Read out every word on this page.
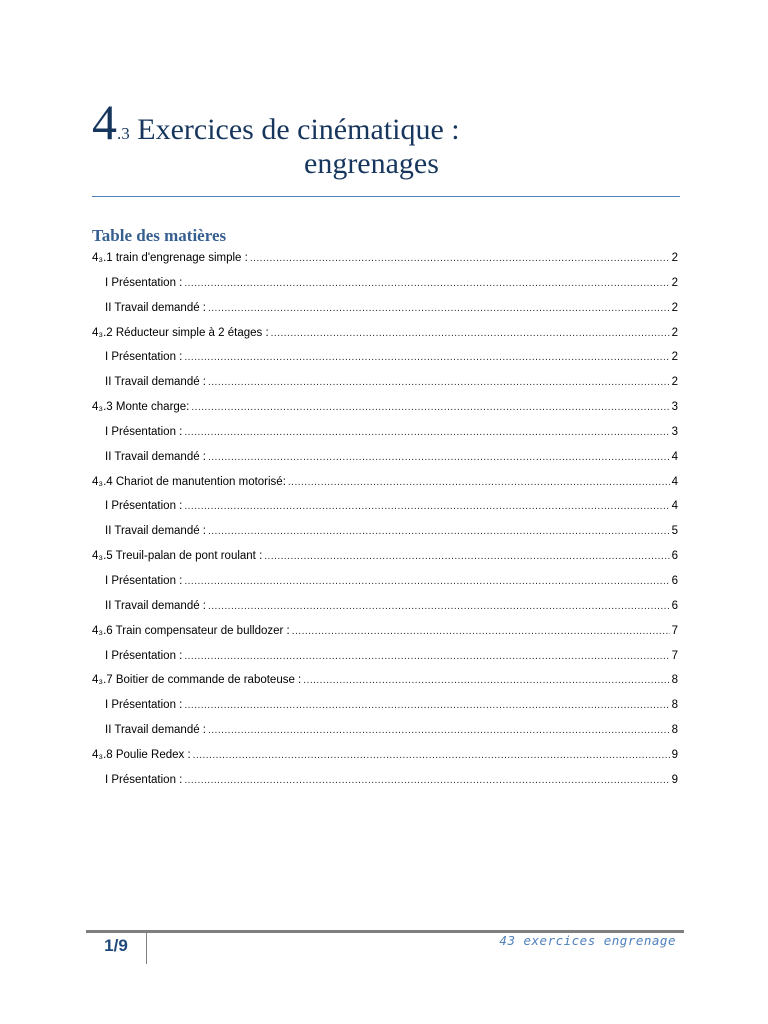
4.3 Exercices de cinématique :
engrenages
Table des matières
4₃.1 train d'engrenage simple : .....	2
I Présentation : .....	2
II Travail demandé : .....	2
4₃.2 Réducteur simple à 2 étages : .....	2
I Présentation : .....	2
II Travail demandé : .....	2
4₃.3 Monte charge: .....	3
I Présentation : .....	3
II Travail demandé : .....	4
4₃.4 Chariot de manutention motorisé: .....	4
I Présentation : .....	4
II Travail demandé : .....	5
4₃.5 Treuil-palan de pont roulant : .....	6
I Présentation : .....	6
II Travail demandé : .....	6
4₃.6 Train compensateur de bulldozer : .....	7
I Présentation : .....	7
4₃.7 Boitier de commande de raboteuse : .....	8
I Présentation : .....	8
II Travail demandé : .....	8
4₃.8 Poulie Redex : .....	9
I Présentation : .....	9
1/9	43 exercices engrenage
